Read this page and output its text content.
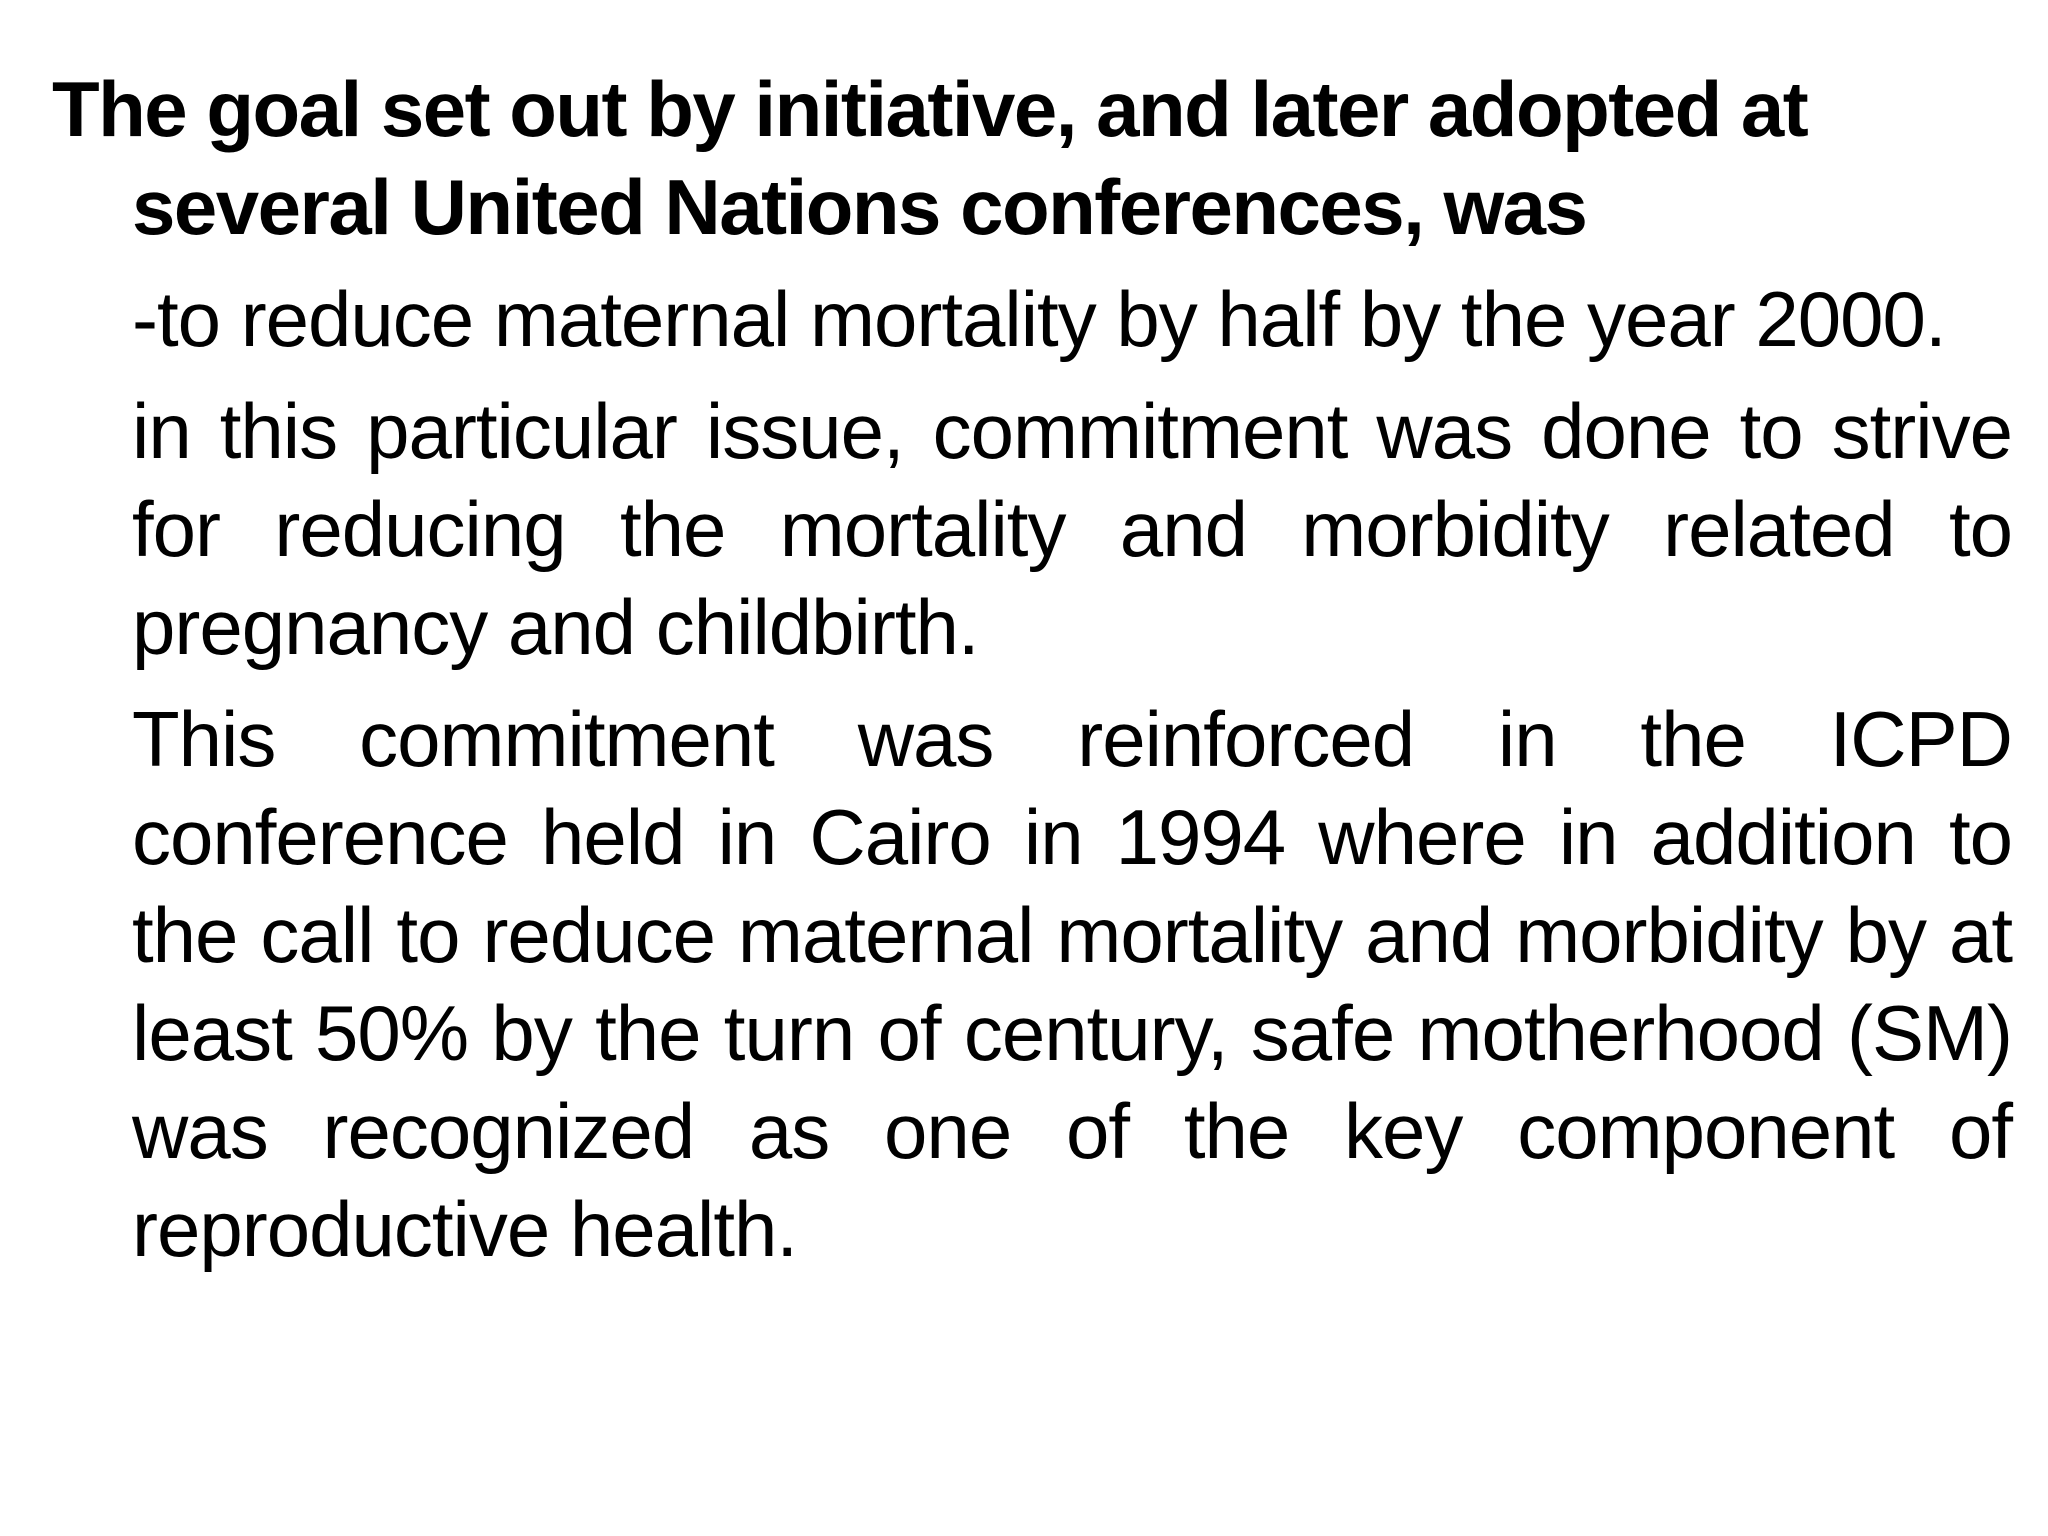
The goal set out by initiative, and later adopted at several United Nations conferences, was

-to reduce maternal mortality by half by the year 2000.

in this particular issue, commitment was done to strive for reducing the mortality and morbidity related to pregnancy and childbirth.

This commitment was reinforced in the ICPD conference held in Cairo in 1994 where in addition to the call to reduce maternal mortality and morbidity by at least 50% by the turn of century, safe motherhood (SM) was recognized as one of the key component of reproductive health.
